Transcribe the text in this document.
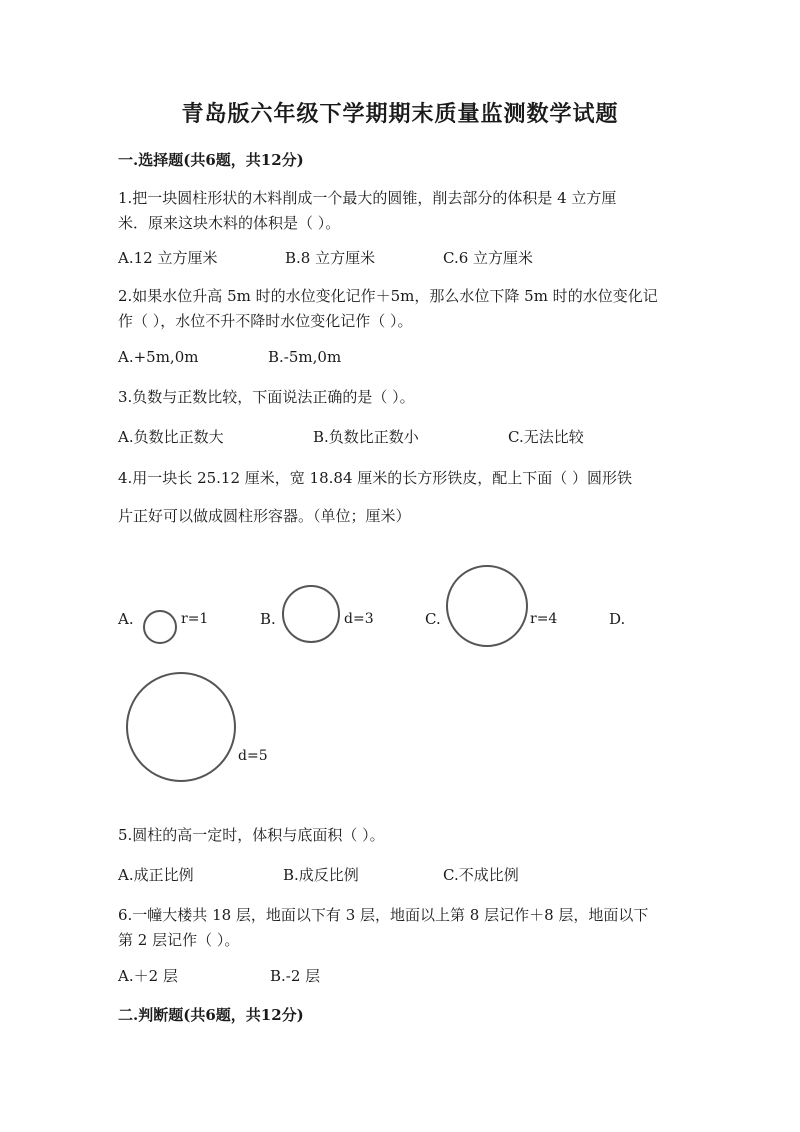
青岛版六年级下学期期末质量监测数学试题
一.选择题(共6题，共12分)
1.把一块圆柱形状的木料削成一个最大的圆锥，削去部分的体积是 4 立方厘
米．原来这块木料的体积是（ ）。
A.12 立方厘米	B.8 立方厘米	C.6 立方厘米
2.如果水位升高 5m 时的水位变化记作＋5m，那么水位下降 5m 时的水位变化记
作（ ），水位不升不降时水位变化记作（ ）。
A.+5m,0m	B.-5m,0m
3.负数与正数比较，下面说法正确的是（ ）。
A.负数比正数大	B.负数比正数小	C.无法比较
4.用一块长 25.12 厘米，宽 18.84 厘米的长方形铁皮，配上下面（ ）圆形铁
片正好可以做成圆柱形容器。（单位；厘米）
A.	r=1	B.	d=3	C.	r=4	D.
d=5
5.圆柱的高一定时，体积与底面积（ ）。
A.成正比例	B.成反比例	C.不成比例
6.一幢大楼共 18 层，地面以下有 3 层，地面以上第 8 层记作＋8 层，地面以下
第 2 层记作（ ）。
A.＋2 层	B.-2 层
二.判断题(共6题，共12分)
